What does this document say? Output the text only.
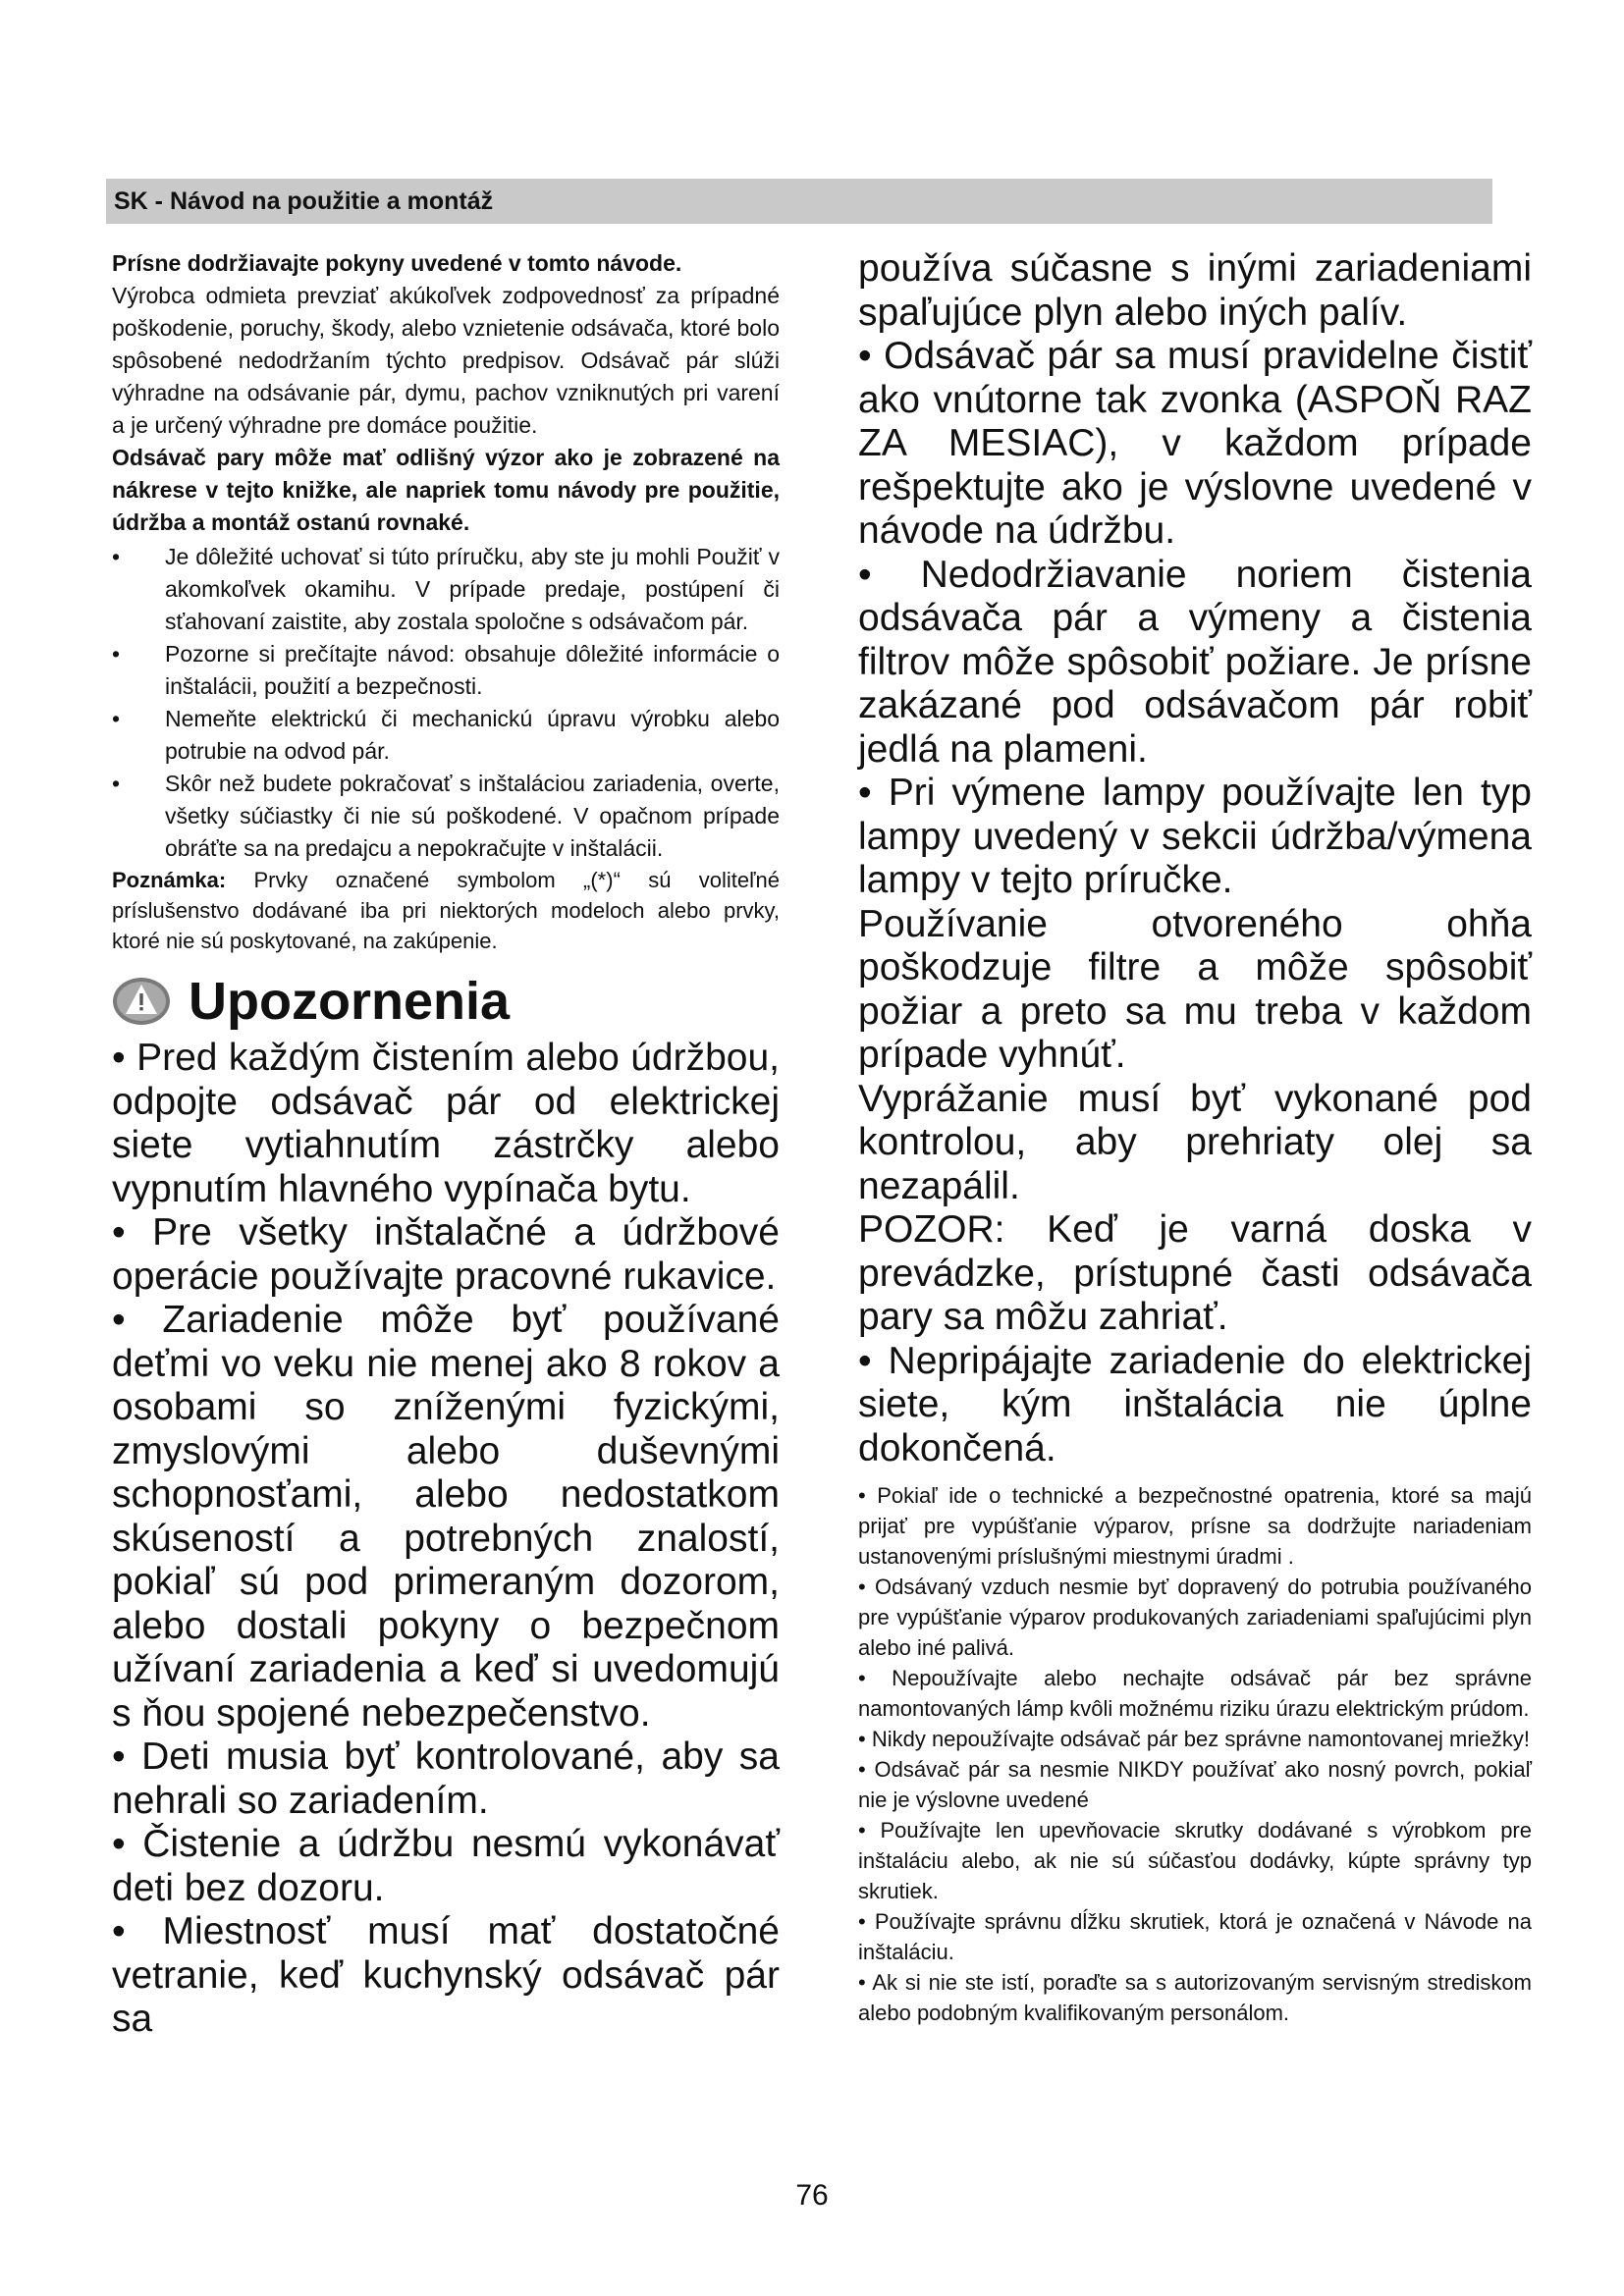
SK - Návod na použitie a montáž

Prísne dodržiavajte pokyny uvedené v tomto návode.

Výrobca odmieta prevziať akúkoľvek zodpovednosť za prípadné poškodenie, poruchy, škody, alebo vznietenie odsávača, ktoré bolo spôsobené nedodržaním týchto predpisov. Odsávač pár slúži výhradne na odsávanie pár, dymu, pachov vzniknutých pri varení a je určený výhradne pre domáce použitie.

Odsávač pary môže mať odlišný výzor ako je zobrazené na nákrese v tejto knižke, ale napriek tomu návody pre použitie, údržba a montáž ostanú rovnaké.

• Je dôležité uchovať si túto príručku, aby ste ju mohli Použiť v akomkoľvek okamihu. V prípade predaje, postúpení či sťahovaní zaistite, aby zostala spoločne s odsávačom pár.
• Pozorne si prečítajte návod: obsahuje dôležité informácie o inštalácii, použití a bezpečnosti.
• Nemeňte elektrickú či mechanickú úpravu výrobku alebo potrubie na odvod pár.
• Skôr než budete pokračovať s inštaláciou zariadenia, overte, všetky súčiastky či nie sú poškodené. V opačnom prípade obráťte sa na predajcu a nepokračujte v inštalácii.

Poznámka: Prvky označené symbolom „(*)“ sú voliteľné príslušenstvo dodávané iba pri niektorých modeloch alebo prvky, ktoré nie sú poskytované, na zakúpenie.

Upozornenia

• Pred každým čistením alebo údržbou, odpojte odsávač pár od elektrickej siete vytiahnutím zástrčky alebo vypnutím hlavného vypínača bytu.

• Pre všetky inštalačné a údržbové operácie používajte pracovné rukavice.

• Zariadenie môže byť používané deťmi vo veku nie menej ako 8 rokov a osobami so zníženými fyzickými, zmyslovými alebo duševnými schopnosťami, alebo nedostatkom skúseností a potrebných znalostí, pokiaľ sú pod primeraným dozorom, alebo dostali pokyny o bezpečnom užívaní zariadenia a keď si uvedomujú s ňou spojené nebezpečenstvo.

• Deti musia byť kontrolované, aby sa nehrali so zariadením.

• Čistenie a údržbu nesmú vykonávať deti bez dozoru.

• Miestnosť musí mať dostatočné vetranie, keď kuchynský odsávač pár sa

používa súčasne s inými zariadeniami spaľujúce plyn alebo iných palív.

• Odsávač pár sa musí pravidelne čistiť ako vnútorne tak zvonka (ASPOŇ RAZ ZA MESIAC), v každom prípade rešpektujte ako je výslovne uvedené v návode na údržbu.

• Nedodržiavanie noriem čistenia odsávača pár a výmeny a čistenia filtrov môže spôsobiť požiare. Je prísne zakázané pod odsávačom pár robiť jedlá na plameni.

• Pri výmene lampy používajte len typ lampy uvedený v sekcii údržba/výmena lampy v tejto príručke.

Používanie otvoreného ohňa poškodzuje filtre a môže spôsobiť požiar a preto sa mu treba v každom prípade vyhnúť.

Vyprážanie musí byť vykonané pod kontrolou, aby prehriaty olej sa nezapálil.

POZOR: Keď je varná doska v prevádzke, prístupné časti odsávača pary sa môžu zahriať.

• Nepripájajte zariadenie do elektrickej siete, kým inštalácia nie úplne dokončená.

• Pokiaľ ide o technické a bezpečnostné opatrenia, ktoré sa majú prijať pre vypúšťanie výparov, prísne sa dodržujte nariadeniam ustanovenými príslušnými miestnymi úradmi .

• Odsávaný vzduch nesmie byť dopravený do potrubia používaného pre vypúšťanie výparov produkovaných zariadeniami spaľujúcimi plyn alebo iné palivá.

• Nepoužívajte alebo nechajte odsávač pár bez správne namontovaných lámp kvôli možnému riziku úrazu elektrickým prúdom.

• Nikdy nepoužívajte odsávač pár bez správne namontovanej mriežky!

• Odsávač pár sa nesmie NIKDY používať ako nosný povrch, pokiaľ nie je výslovne uvedené

• Používajte len upevňovacie skrutky dodávané s výrobkom pre inštaláciu alebo, ak nie sú súčasťou dodávky, kúpte správny typ skrutiek.

• Používajte správnu dĺžku skrutiek, ktorá je označená v Návode na inštaláciu.

• Ak si nie ste istí, poraďte sa s autorizovaným servisným strediskom alebo podobným kvalifikovaným personálom.

76
